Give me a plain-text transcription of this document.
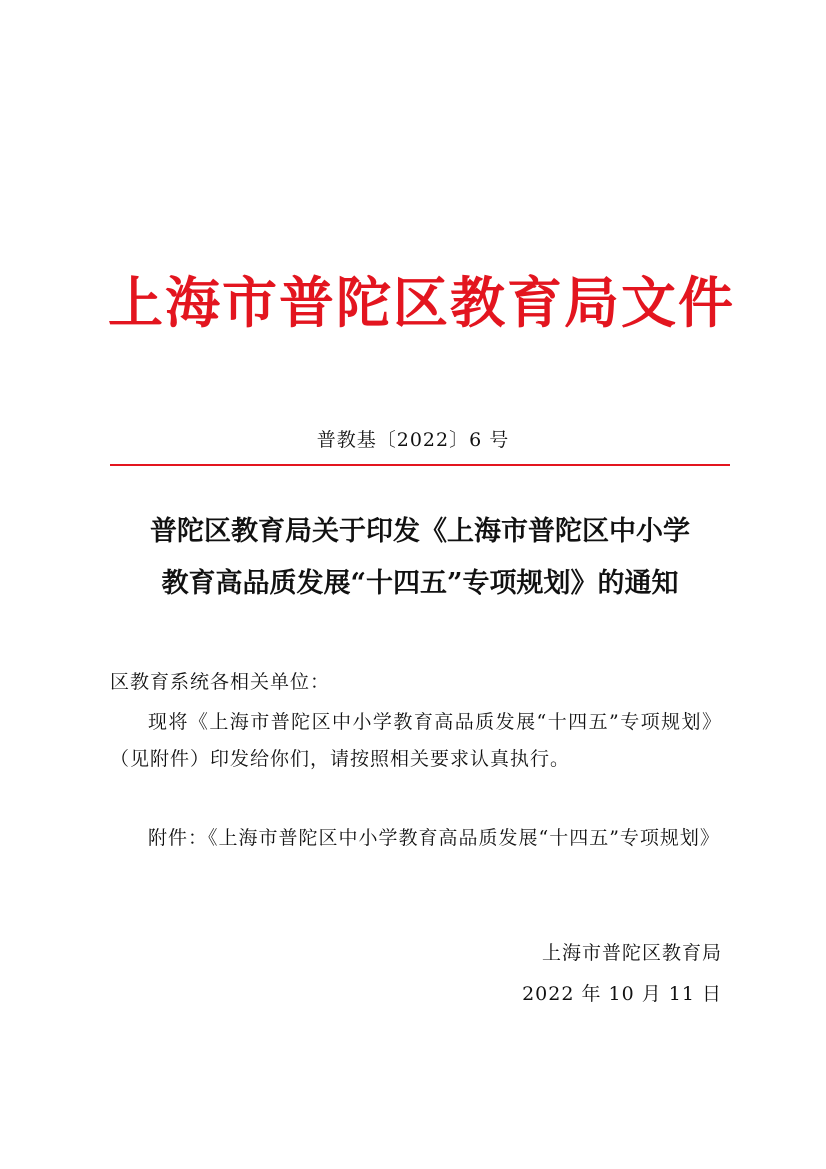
上海市普陀区教育局文件
普教基〔2022〕6 号
普陀区教育局关于印发《上海市普陀区中小学
教育高品质发展“十四五”专项规划》的通知
区教育系统各相关单位：
现将《上海市普陀区中小学教育高品质发展“十四五”专项规划》（见附件）印发给你们，请按照相关要求认真执行。
附件：《上海市普陀区中小学教育高品质发展“十四五”专项规划》
上海市普陀区教育局
2022 年 10 月 11 日
